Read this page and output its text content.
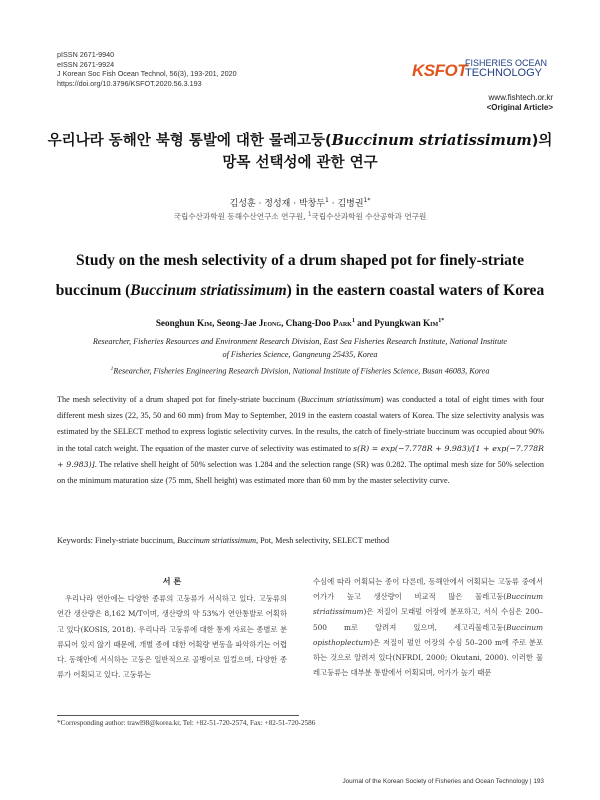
pISSN 2671-9940
eISSN 2671-9924
J Korean Soc Fish Ocean Technol, 56(3), 193-201, 2020
https://doi.org/10.3796/KSFOT.2020.56.3.193
KSFOT
FISHERIES OCEAN
TECHNOLOGY
www.fishtech.or.kr
<Original Article>
우리나라 동해안 북형 통발에 대한 물레고둥(Buccinum striatissimum)의
망목 선택성에 관한 연구
김성훈 · 정성재 · 박창두$^1$ · 김병권$^{1*}$
국립수산과학원 동해수산연구소 연구원, $^1$국립수산과학원 수산공학과 연구원
Study on the mesh selectivity of a drum shaped pot for finely-striate
buccinum (Buccinum striatissimum) in the eastern coastal waters of Korea
Seonghun Kim, Seong-Jae Jeong, Chang-Doo Park$^1$ and Pyungkwan Kim$^{1*}$
Researcher, Fisheries Resources and Environment Research Division, East Sea Fisheries Research Institute, National Institute
of Fisheries Science, Gangneung 25435, Korea
$^1$Researcher, Fisheries Engineering Research Division, National Institute of Fisheries Science, Busan 46083, Korea
The mesh selectivity of a drum shaped pot for finely-striate buccinum (Buccinum striatissimum) was conducted a total of eight times with four different mesh sizes (22, 35, 50 and 60 mm) from May to September, 2019 in the eastern coastal waters of Korea. The size selectivity analysis was estimated by the SELECT method to express logistic selectivity curves. In the results, the catch of finely-striate buccinum was occupied about 90% in the total catch weight. The equation of the master curve of selectivity was estimated to s(R) = exp(−7.778R + 9.983)/[1 + exp(−7.778R + 9.983)]. The relative shell height of 50% selection was 1.284 and the selection range (SR) was 0.282. The optimal mesh size for 50% selection on the minimum maturation size (75 mm, Shell height) was estimated more than 60 mm by the master selectivity curve.
Keywords: Finely-striate buccinum, Buccinum striatissimum, Pot, Mesh selectivity, SELECT method
서 론

우리나라 연안에는 다양한 종류의 고둥류가 서식하고 있다. 고둥류의 연간 생산량은 8,162 M/T이며, 생산량의 약 53%가 연안통발로 어획하고 있다(KOSIS, 2018). 우리나라 고둥류에 대한 통계 자료는 종별로 분류되어 있지 않기 때문에, 개별 종에 대한 어획량 변동을 파악하기는 어렵다. 동해안에 서식하는 고둥은 일반적으로 골뱅이로 일컬으며, 다양한 종류가 어획되고 있다. 고둥류는

수심에 따라 어획되는 종이 다른데, 동해안에서 어획되는 고둥류 중에서 어가가 높고 생산량이 비교적 많은 물레고둥(Buccinum striatissimum)은 저질이 모래펄 어장에 분포하고, 서식 수심은 200–500 m로 알려져 있으며, 세고리물레고둥(Buccinum opisthoplectum)은 저질이 펄인 어장의 수심 50–200 m에 주로 분포하는 것으로 알려져 있다(NFRDI, 2000; Okutani, 2000). 이러한 물레고둥류는 대부분 통발에서 어획되며, 어가가 높기 때문

*Corresponding author: trawl98@korea.kr, Tel: +82-51-720-2574, Fax: +82-51-720-2586
Journal of the Korean Society of Fisheries and Ocean Technology | 193
